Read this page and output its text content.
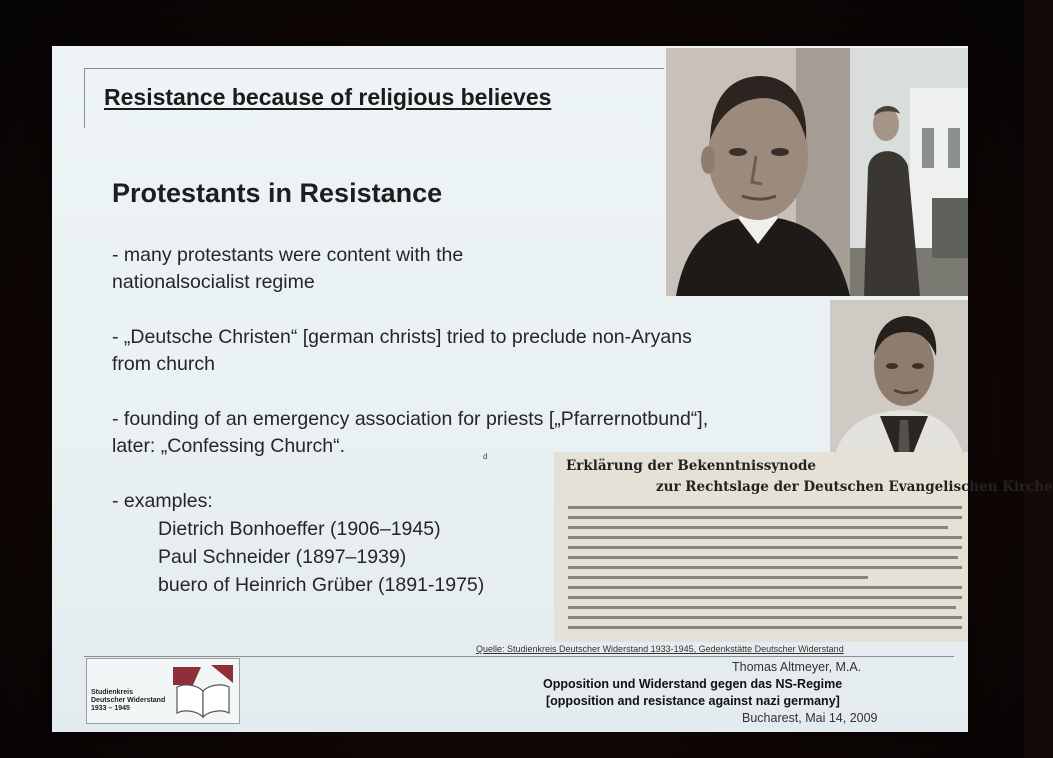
Resistance because of religious believes
Protestants in Resistance
- many protestants were content with the
nationalsocialist regime
- „Deutsche Christen“ [german christs] tried to preclude non-Aryans
from church
- founding of an emergency association for priests [„Pfarrernotbund“],
later: „Confessing Church“.	d
- examples:
Dietrich Bonhoeffer (1906–1945)
Paul Schneider (1897–1939)
buero of Heinrich Grüber (1891-1975)
Erklärung der Bekenntnissynode
zur Rechtslage der Deutschen Evangelischen Kirche
Quelle: Studienkreis Deutscher Widerstand 1933-1945, Gedenkstätte Deutscher Widerstand
Studienkreis
Deutscher Widerstand
1933 – 1945
Thomas Altmeyer, M.A.
Opposition und Widerstand gegen das NS-Regime
[opposition and resistance against nazi germany]
Bucharest, Mai 14, 2009
